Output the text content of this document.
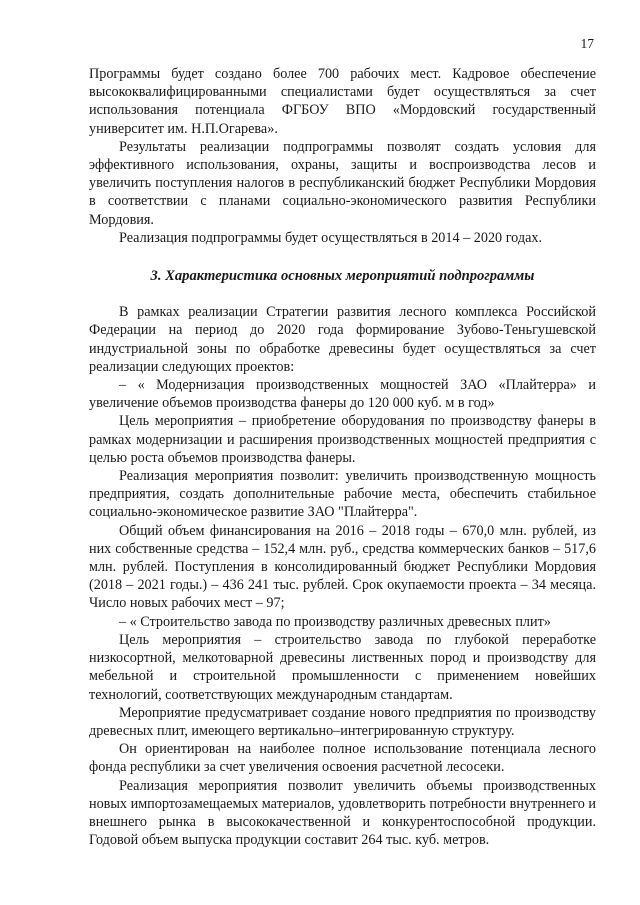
17

Программы будет создано более 700 рабочих мест. Кадровое обеспечение высококвалифицированными специалистами будет осуществляться за счет использования потенциала ФГБОУ ВПО «Мордовский государственный университет им. Н.П.Огарева».

Результаты реализации подпрограммы позволят создать условия для эффективного использования, охраны, защиты и воспроизводства лесов и увеличить поступления налогов в республиканский бюджет Республики Мордовия в соответствии с планами социально-экономического развития Республики Мордовия.

Реализация подпрограммы будет осуществляться в 2014 – 2020 годах.

3. Характеристика основных мероприятий подпрограммы

В рамках реализации Стратегии развития лесного комплекса Российской Федерации на период до 2020 года формирование Зубово-Теньгушевской индустриальной зоны по обработке древесины будет осуществляться за счет реализации следующих проектов:

– « Модернизация производственных мощностей ЗАО «Плайтерра» и увеличение объемов производства фанеры до 120 000 куб. м в год»

Цель мероприятия – приобретение оборудования по производству фанеры в рамках модернизации и расширения производственных мощностей предприятия с целью роста объемов производства фанеры.

Реализация мероприятия позволит: увеличить производственную мощность предприятия, создать дополнительные рабочие места, обеспечить стабильное социально-экономическое развитие ЗАО "Плайтерра".

Общий объем финансирования на 2016 – 2018 годы – 670,0 млн. рублей, из них собственные средства – 152,4 млн. руб., средства коммерческих банков – 517,6 млн. рублей. Поступления в консолидированный бюджет Республики Мордовия (2018 – 2021 годы.) – 436 241 тыс. рублей. Срок окупаемости проекта – 34 месяца. Число новых рабочих мест – 97;

– « Строительство завода по производству различных древесных плит»

Цель мероприятия – строительство завода по глубокой переработке низкосортной, мелкотоварной древесины лиственных пород и производству для мебельной и строительной промышленности с применением новейших технологий, соответствующих международным стандартам.

Мероприятие предусматривает создание нового предприятия по производству древесных плит, имеющего вертикально–интегрированную структуру.

Он ориентирован на наиболее полное использование потенциала лесного фонда республики за счет увеличения освоения расчетной лесосеки.

Реализация мероприятия позволит увеличить объемы производственных новых импортозамещаемых материалов, удовлетворить потребности внутреннего и внешнего рынка в высококачественной и конкурентоспособной продукции. Годовой объем выпуска продукции составит 264 тыс. куб. метров.
